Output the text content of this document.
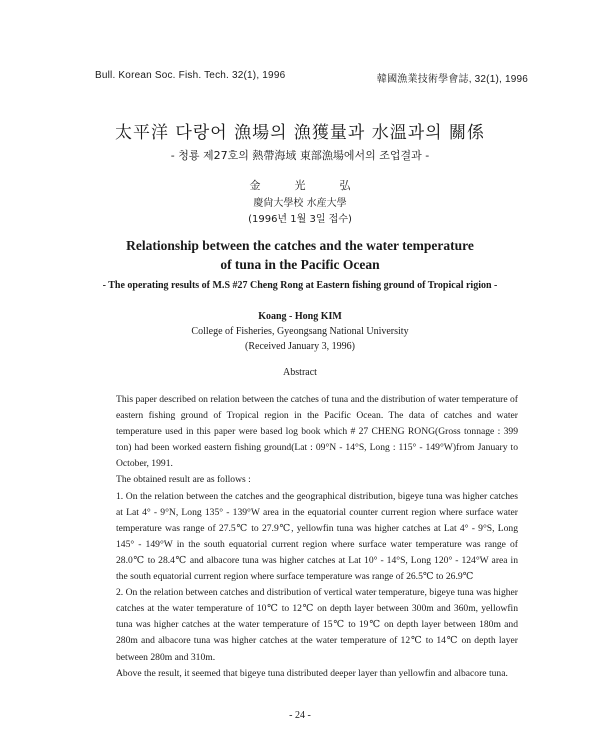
Bull. Korean Soc. Fish. Tech. 32(1), 1996	韓國漁業技術學會誌, 32(1), 1996
太平洋 다랑어 漁場의 漁獲量과 水溫과의 關係
- 청룡 제27호의 熱帶海域 東部漁場에서의 조업결과 -
金光弘
慶尙大學校 水産大學
(1996년 1월 3일 접수)
Relationship between the catches and the water temperature
of tuna in the Pacific Ocean
- The operating results of M.S #27 Cheng Rong at Eastern fishing ground of Tropical rigion -
Koang - Hong KIM
College of Fisheries, Gyeongsang National University
(Received January 3, 1996)
Abstract

This paper described on relation between the catches of tuna and the distribution of water temperature of eastern fishing ground of Tropical region in the Pacific Ocean. The data of catches and water temperature used in this paper were based log book which # 27 CHENG RONG(Gross tonnage : 399 ton) had been worked eastern fishing ground(Lat : 09°N - 14°S, Long : 115° - 149°W)from January to October, 1991.

The obtained result are as follows :

1. On the relation between the catches and the geographical distribution, bigeye tuna was higher catches at Lat 4° - 9°N, Long 135° - 139°W area in the equatorial counter current region where surface water temperature was range of 27.5℃ to 27.9℃, yellowfin tuna was higher catches at Lat 4° - 9°S, Long 145° - 149°W in the south equatorial current region where surface water temperature was range of 28.0℃ to 28.4℃ and albacore tuna was higher catches at Lat 10° - 14°S, Long 120° - 124°W area in the south equatorial current region where surface temperature was range of 26.5℃ to 26.9℃

2. On the relation between catches and distribution of vertical water temperature, bigeye tuna was higher catches at the water temperature of 10℃ to 12℃ on depth layer between 300m and 360m, yellowfin tuna was higher catches at the water temperature of 15℃ to 19℃ on depth layer between 180m and 280m and albacore tuna was higher catches at the water temperature of 12℃ to 14℃ on depth layer between 280m and 310m.

Above the result, it seemed that bigeye tuna distributed deeper layer than yellowfin and albacore tuna.

- 24 -
